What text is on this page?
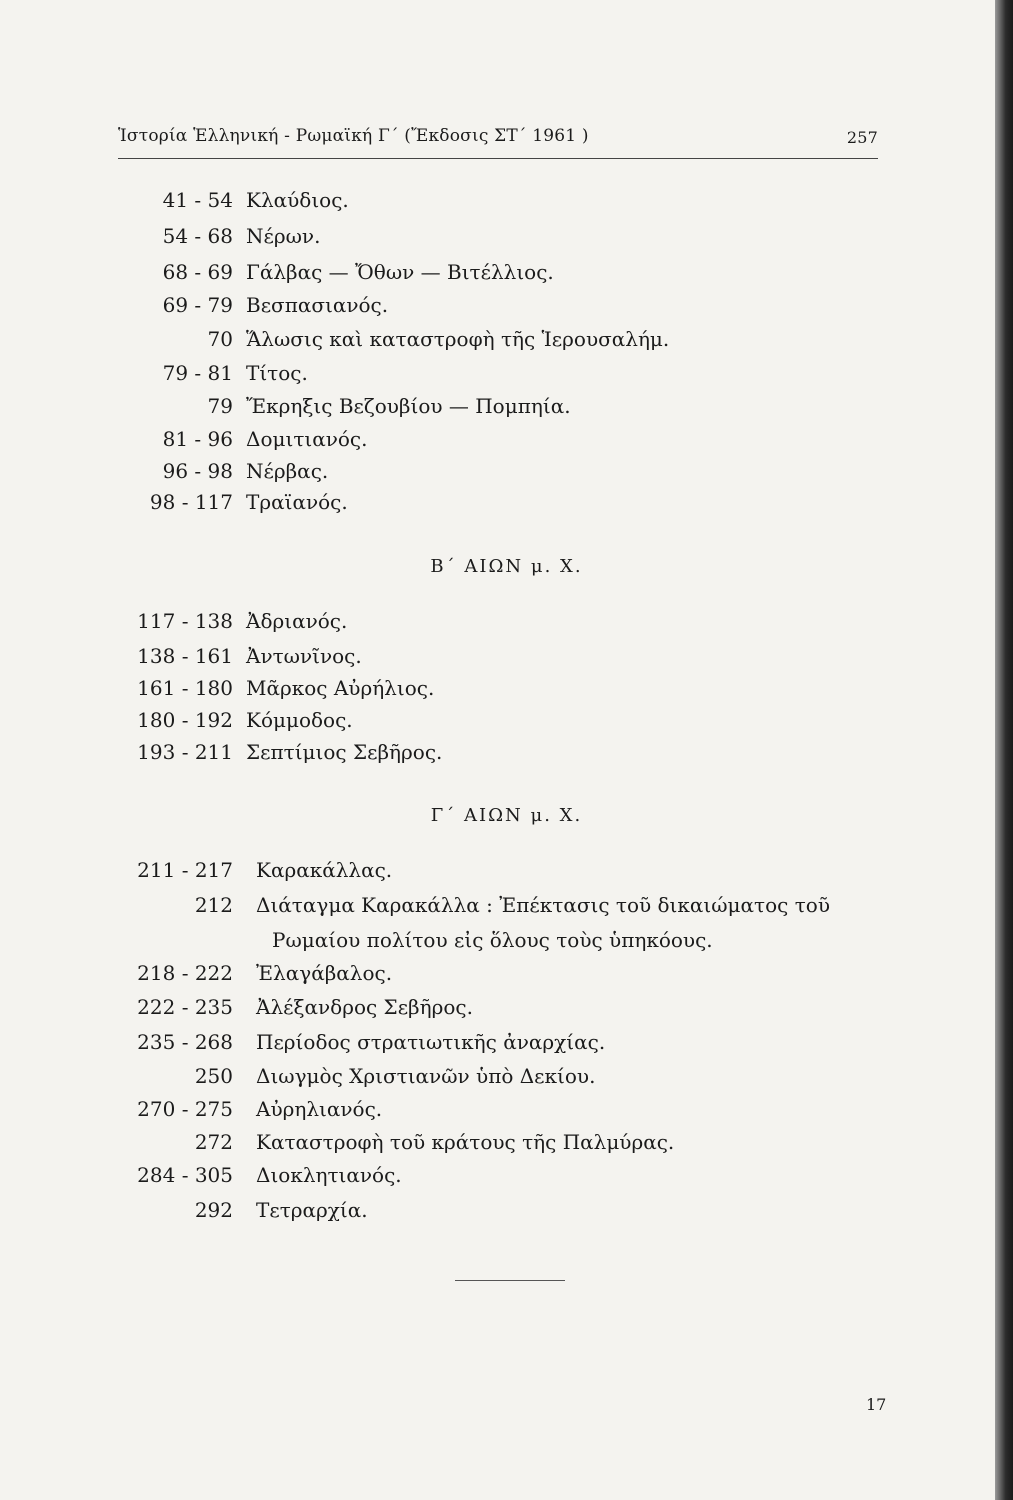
Ἱστορία Ἑλληνική - Ρωμαϊκή Γ΄ (Ἔκδοσις ΣΤ΄ 1961 )	257
41 - 54 Κλαύδιος.
54 - 68 Νέρων.
68 - 69 Γάλβας — Ὄθων — Βιτέλλιος.
69 - 79 Βεσπασιανός.
70 Ἅλωσις καὶ καταστροφὴ τῆς Ἱερουσαλήμ.
79 - 81 Τίτος.
79 Ἔκρηξις Βεζουβίου — Πομπηία.
81 - 96 Δομιτιανός.
96 - 98 Νέρβας.
98 - 117 Τραϊανός.
Β΄ ΑΙΩΝ μ. Χ.
117 - 138 Ἀδριανός.
138 - 161 Ἀντωνῖνος.
161 - 180 Μᾶρκος Αὐρήλιος.
180 - 192 Κόμμοδος.
193 - 211 Σεπτίμιος Σεβῆρος.
Γ΄ ΑΙΩΝ μ. Χ.
211 - 217 Καρακάλλας.
212 Διάταγμα Καρακάλλα : Ἐπέκτασις τοῦ δικαιώματος τοῦ
Ρωμαίου πολίτου εἰς ὅλους τοὺς ὑπηκόους.
218 - 222 Ἐλαγάβαλος.
222 - 235 Ἀλέξανδρος Σεβῆρος.
235 - 268 Περίοδος στρατιωτικῆς ἀναρχίας.
250 Διωγμὸς Χριστιανῶν ὑπὸ Δεκίου.
270 - 275 Αὐρηλιανός.
272 Καταστροφὴ τοῦ κράτους τῆς Παλμύρας.
284 - 305 Διοκλητιανός.
292 Τετραρχία.
17
